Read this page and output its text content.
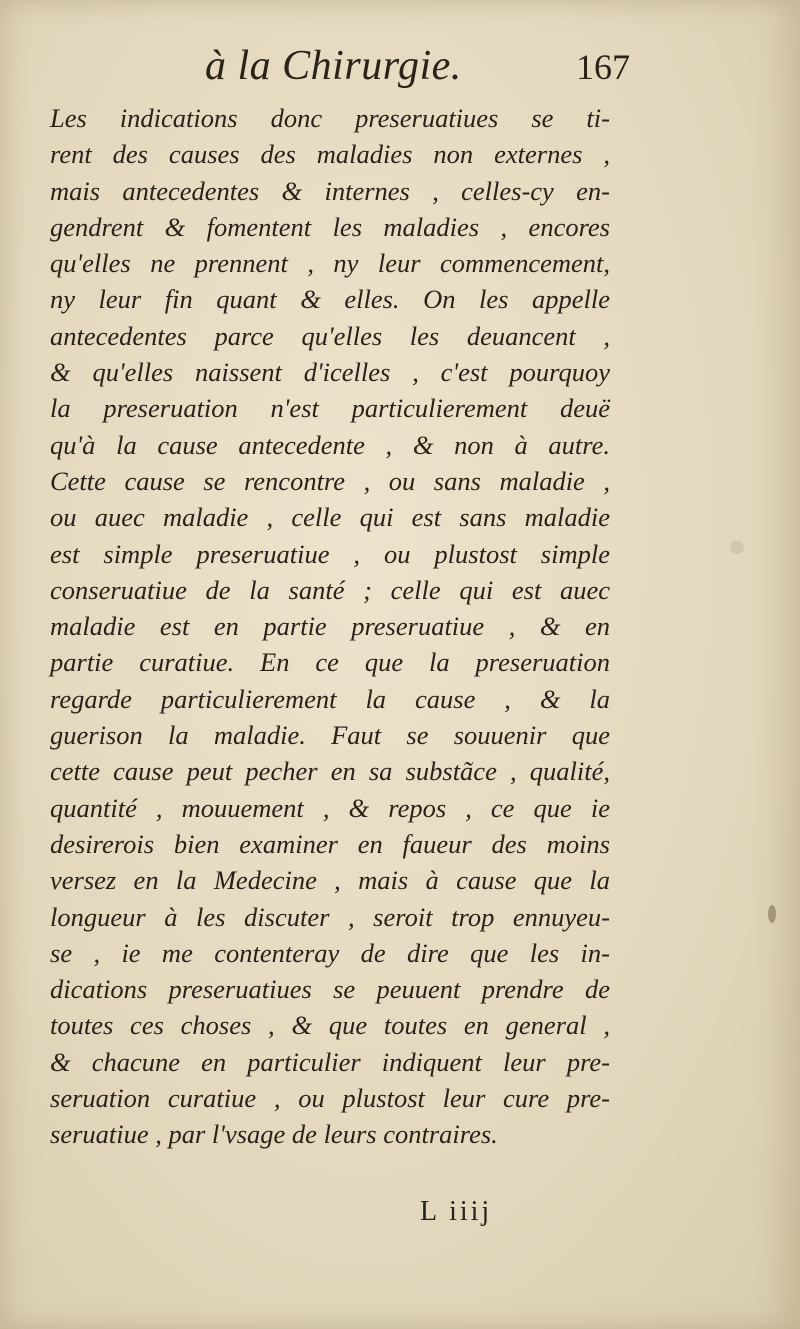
à la Chirurgie.	167
Les indications donc preseruatiues se ti-
rent des causes des maladies non externes ,
mais antecedentes & internes , celles-cy en-
gendrent & fomentent les maladies , encores
qu'elles ne prennent , ny leur commencement,
ny leur fin quant & elles. On les appelle
antecedentes parce qu'elles les deuancent ,
& qu'elles naissent d'icelles , c'est pourquoy
la preseruation n'est particulierement deuë
qu'à la cause antecedente , & non à autre.
Cette cause se rencontre , ou sans maladie ,
ou auec maladie , celle qui est sans maladie
est simple preseruatiue , ou plustost simple
conseruatiue de la santé ; celle qui est auec
maladie est en partie preseruatiue , & en
partie curatiue. En ce que la preseruation
regarde particulierement la cause , & la
guerison la maladie. Faut se souuenir que
cette cause peut pecher en sa substãce , qualité,
quantité , mouuement , & repos , ce que ie
desirerois bien examiner en faueur des moins
versez en la Medecine , mais à cause que la
longueur à les discuter , seroit trop ennuyeu-
se , ie me contenteray de dire que les in-
dications preseruatiues se peuuent prendre de
toutes ces choses , & que toutes en general ,
& chacune en particulier indiquent leur pre-
seruation curatiue , ou plustost leur cure pre-
seruatiue , par l'vsage de leurs contraires.
L iiij
